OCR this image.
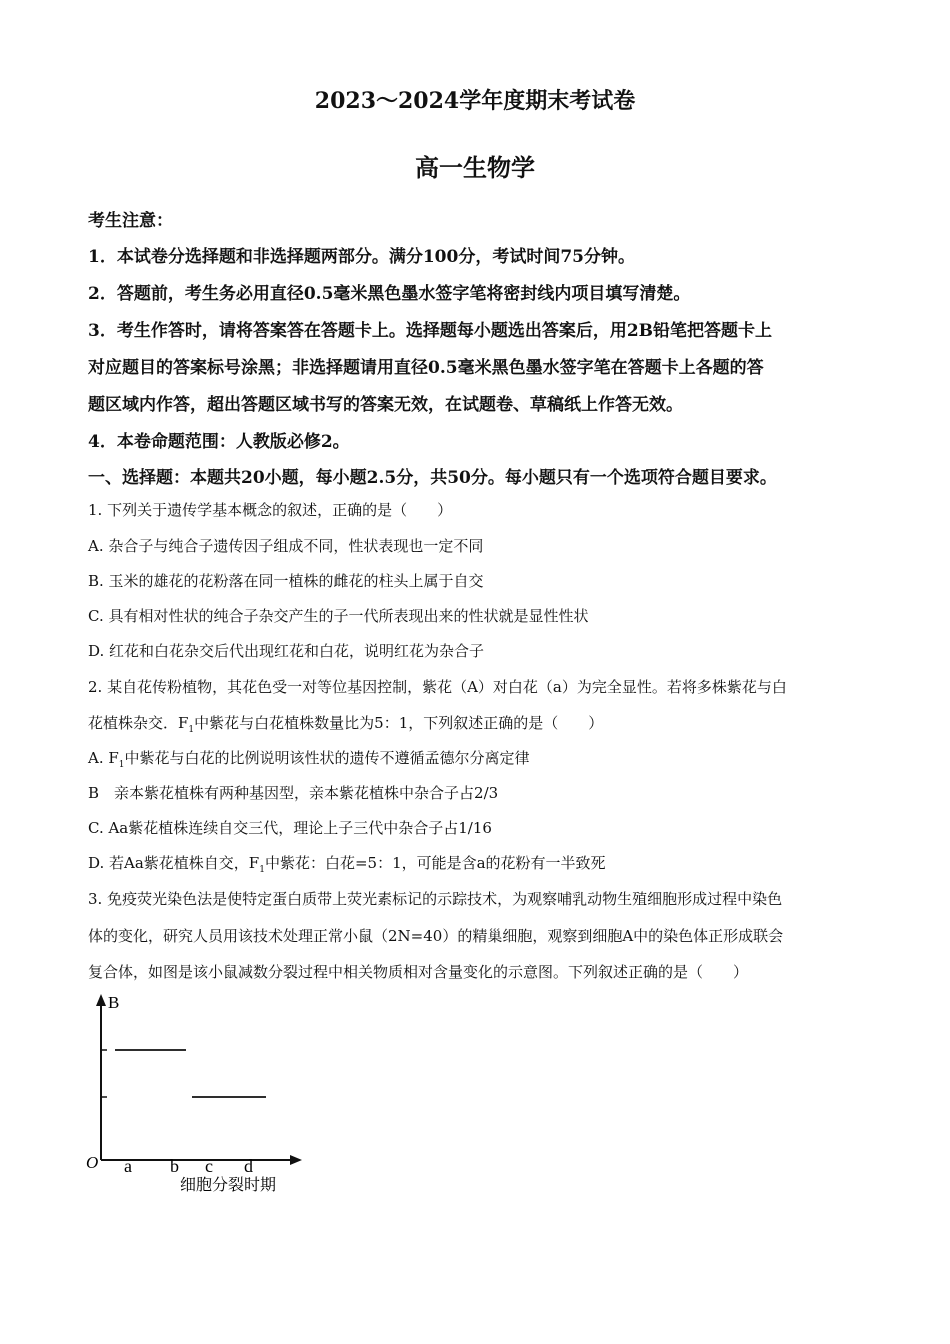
2023～2024学年度期末考试卷
高一生物学
考生注意：
1．本试卷分选择题和非选择题两部分。满分100分，考试时间75分钟。
2．答题前，考生务必用直径0.5毫米黑色墨水签字笔将密封线内项目填写清楚。
3．考生作答时，请将答案答在答题卡上。选择题每小题选出答案后，用2B铅笔把答题卡上
对应题目的答案标号涂黑；非选择题请用直径0.5毫米黑色墨水签字笔在答题卡上各题的答
题区域内作答，超出答题区域书写的答案无效，在试题卷、草稿纸上作答无效。
4．本卷命题范围：人教版必修2。
一、选择题：本题共20小题，每小题2.5分，共50分。每小题只有一个选项符合题目要求。
1. 下列关于遗传学基本概念的叙述，正确的是（　　）
A. 杂合子与纯合子遗传因子组成不同，性状表现也一定不同
B. 玉米的雄花的花粉落在同一植株的雌花的柱头上属于自交
C. 具有相对性状的纯合子杂交产生的子一代所表现出来的性状就是显性性状
D. 红花和白花杂交后代出现红花和白花，说明红花为杂合子
2. 某自花传粉植物，其花色受一对等位基因控制，紫花（A）对白花（a）为完全显性。若将多株紫花与白
花植株杂交．$F_1$中紫花与白花植株数量比为5：1，下列叙述正确的是（　　）
A. $F_1$中紫花与白花的比例说明该性状的遗传不遵循孟德尔分离定律
B　亲本紫花植株有两种基因型，亲本紫花植株中杂合子占2/3
C. Aa紫花植株连续自交三代，理论上子三代中杂合子占1/16
D. 若Aa紫花植株自交，$F_1$中紫花：白花=5：1，可能是含a的花粉有一半致死
3. 免疫荧光染色法是使特定蛋白质带上荧光素标记的示踪技术，为观察哺乳动物生殖细胞形成过程中染色
体的变化，研究人员用该技术处理正常小鼠（2N=40）的精巢细胞，观察到细胞A中的染色体正形成联会
复合体，如图是该小鼠减数分裂过程中相关物质相对含量变化的示意图。下列叙述正确的是（　　）
B
O a b c d
细胞分裂时期
